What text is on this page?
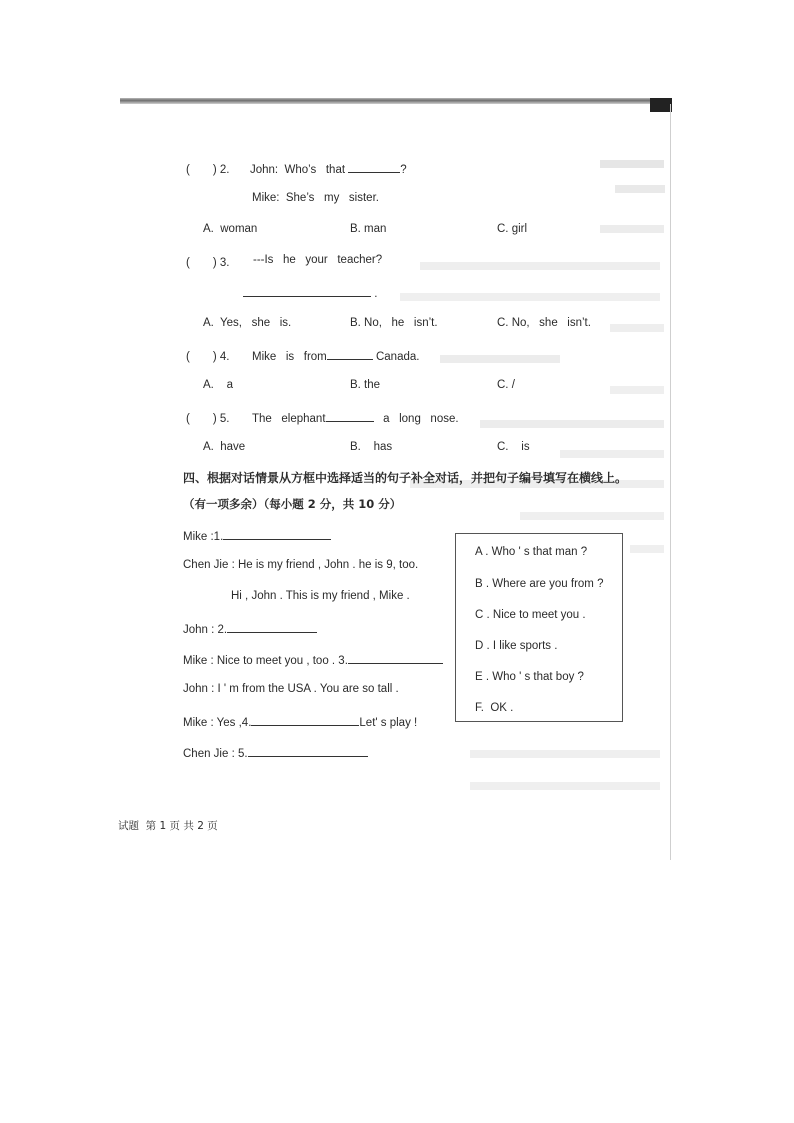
(　　) 2. John:  Who’s   that	?
Mike:  She’s   my   sister.
A.  woman	B. man	C. girl
(　　) 3. ---Is   he   your   teacher?
.
A.  Yes,   she   is.	B. No,   he   isn’t.	C. No,   she   isn’t.
(　　) 4. Mike   is   from	Canada.
A.    a	B. the	C. /
(　　) 5. The   elephant	a   long   nose.
A.  have	B.    has	C.    is
四、根据对话情景从方框中选择适当的句子补全对话，并把句子编号填写在横线上。
（有一项多余）（每小题 2 分，共 10 分）
Mike :1.
Chen Jie : He is my friend , John . he is 9, too.
Hi , John . This is my friend , Mike .
John : 2.
Mike : Nice to meet you , too . 3.
John : I ' m from the USA . You are so tall .
Mike : Yes ,4.	Let' s play !
Chen Jie : 5.
A . Who ' s that man ?
B . Where are you from ?
C . Nice to meet you .
D . I like sports .
E . Who ' s that boy ?
F.  OK .
试题  第 1 页 共 2 页
